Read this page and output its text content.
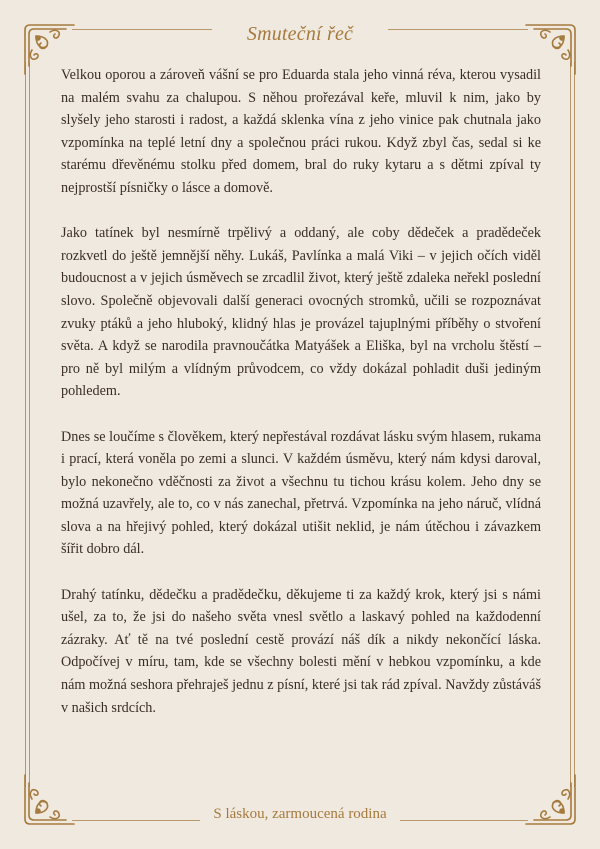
Smuteční řeč

Velkou oporou a zároveň vášní se pro Eduarda stala jeho vinná réva, kterou vysadil na malém svahu za chalupou. S něhou prořezával keře, mluvil k nim, jako by slyšely jeho starosti i radost, a každá sklenka vína z jeho vinice pak chutnala jako vzpomínka na teplé letní dny a společnou práci rukou. Když zbyl čas, sedal si ke starému dřevěnému stolku před domem, bral do ruky kytaru a s dětmi zpíval ty nejprostší písničky o lásce a domově.

Jako tatínek byl nesmírně trpělivý a oddaný, ale coby dědeček a pradědeček rozkvetl do ještě jemnější něhy. Lukáš, Pavlínka a malá Viki – v jejich očích viděl budoucnost a v jejich úsměvech se zrcadlil život, který ještě zdaleka neřekl poslední slovo. Společně objevovali další generaci ovocných stromků, učili se rozpoznávat zvuky ptáků a jeho hluboký, klidný hlas je provázel tajuplnými příběhy o stvoření světa. A když se narodila pravnoučátka Matyášek a Eliška, byl na vrcholu štěstí – pro ně byl milým a vlídným průvodcem, co vždy dokázal pohladit duši jediným pohledem.

Dnes se loučíme s člověkem, který nepřestával rozdávat lásku svým hlasem, rukama i prací, která voněla po zemi a slunci. V každém úsměvu, který nám kdysi daroval, bylo nekonečno vděčnosti za život a všechnu tu tichou krásu kolem. Jeho dny se možná uzavřely, ale to, co v nás zanechal, přetrvá. Vzpomínka na jeho náruč, vlídná slova a na hřejivý pohled, který dokázal utišit neklid, je nám útěchou i závazkem šířit dobro dál.

Drahý tatínku, dědečku a pradědečku, děkujeme ti za každý krok, který jsi s námi ušel, za to, že jsi do našeho světa vnesl světlo a laskavý pohled na každodenní zázraky. Ať tě na tvé poslední cestě provází náš dík a nikdy nekončící láska. Odpočívej v míru, tam, kde se všechny bolesti mění v hebkou vzpomínku, a kde nám možná seshora přehraješ jednu z písní, které jsi tak rád zpíval. Navždy zůstáváš v našich srdcích.

S láskou, zarmoucená rodina
